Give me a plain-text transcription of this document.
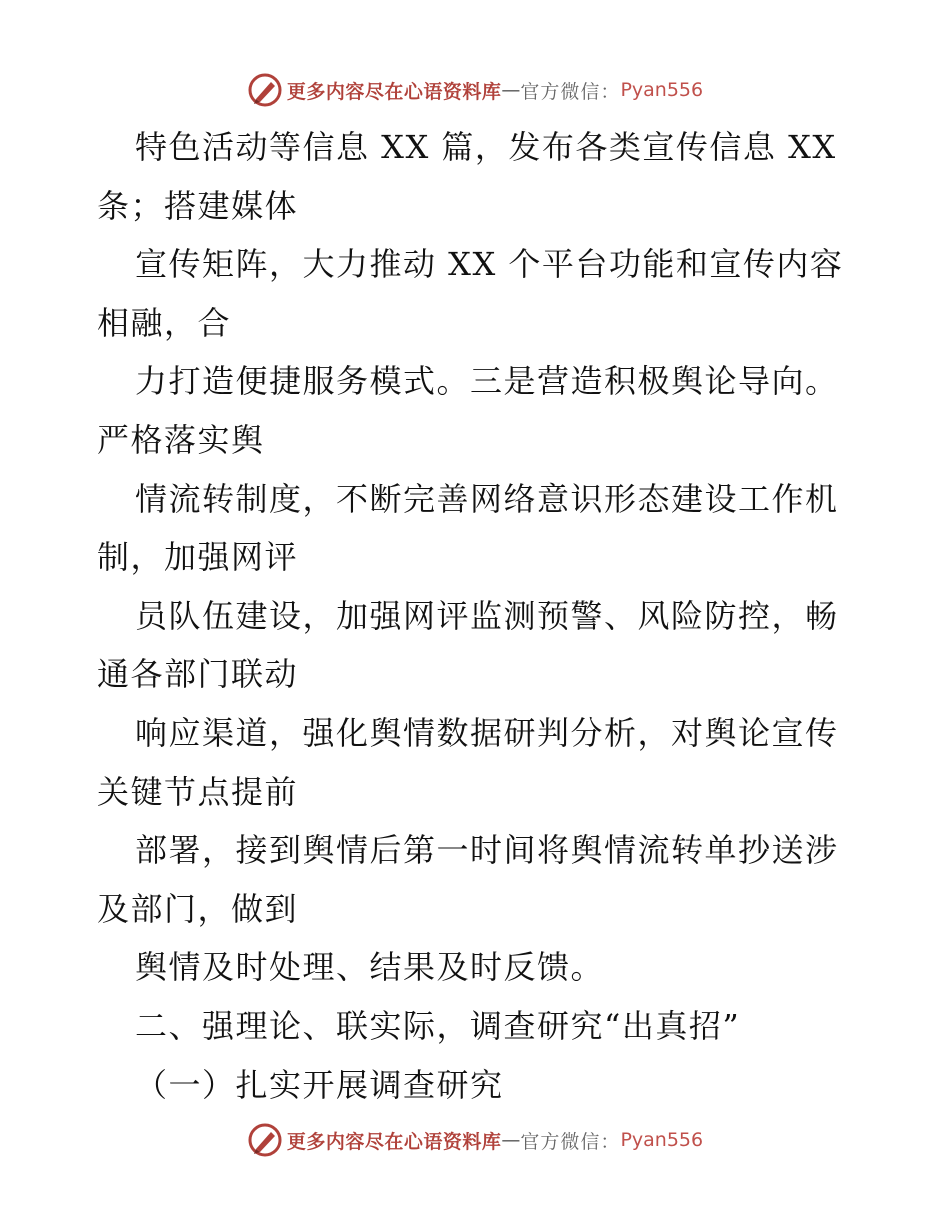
更多内容尽在心语资料库 — 官方微信： Pyan556
特色活动等信息 XX 篇，发布各类宣传信息 XX
条；搭建媒体
宣传矩阵，大力推动 XX 个平台功能和宣传内容
相融，合
力打造便捷服务模式。三是营造积极舆论导向。
严格落实舆
情流转制度，不断完善网络意识形态建设工作机
制，加强网评
员队伍建设，加强网评监测预警、风险防控，畅
通各部门联动
响应渠道，强化舆情数据研判分析，对舆论宣传
关键节点提前
部署，接到舆情后第一时间将舆情流转单抄送涉
及部门，做到
舆情及时处理、结果及时反馈。
二、强理论、联实际，调查研究“出真招”
（一）扎实开展调查研究
更多内容尽在心语资料库 — 官方微信： Pyan556
